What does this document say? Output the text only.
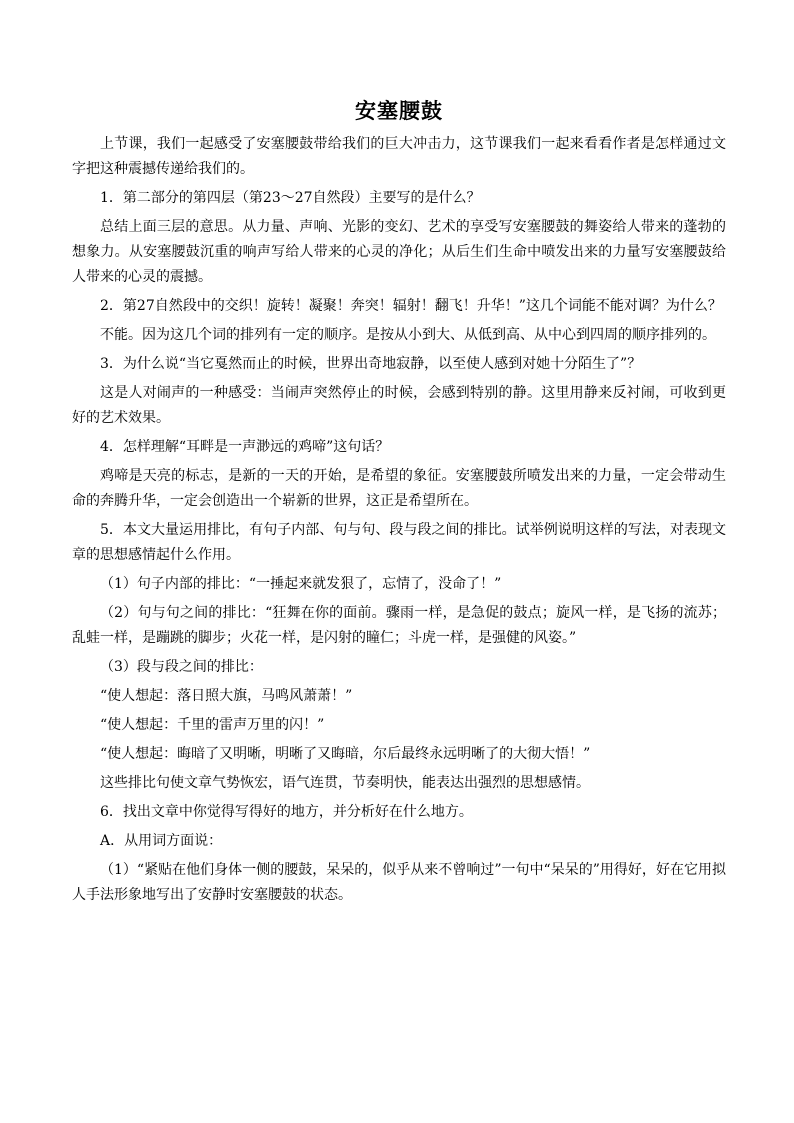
安塞腰鼓

上节课，我们一起感受了安塞腰鼓带给我们的巨大冲击力，这节课我们一起来看看作者是怎样通过文字把这种震撼传递给我们的。

1．第二部分的第四层（第23～27自然段）主要写的是什么？

总结上面三层的意思。从力量、声响、光影的变幻、艺术的享受写安塞腰鼓的舞姿给人带来的蓬勃的想象力。从安塞腰鼓沉重的响声写给人带来的心灵的净化；从后生们生命中喷发出来的力量写安塞腰鼓给人带来的心灵的震撼。

2．第27自然段中的交织！旋转！凝聚！奔突！辐射！翻飞！升华！”这几个词能不能对调？为什么？

不能。因为这几个词的排列有一定的顺序。是按从小到大、从低到高、从中心到四周的顺序排列的。

3．为什么说“当它戛然而止的时候，世界出奇地寂静，以至使人感到对她十分陌生了”？

这是人对闹声的一种感受：当闹声突然停止的时候，会感到特别的静。这里用静来反衬闹，可收到更好的艺术效果。

4．怎样理解“耳畔是一声渺远的鸡啼”这句话？

鸡啼是天亮的标志，是新的一天的开始，是希望的象征。安塞腰鼓所喷发出来的力量，一定会带动生命的奔腾升华，一定会创造出一个崭新的世界，这正是希望所在。

5．本文大量运用排比，有句子内部、句与句、段与段之间的排比。试举例说明这样的写法，对表现文章的思想感情起什么作用。

（1）句子内部的排比：“一捶起来就发狠了，忘情了，没命了！”

（2）句与句之间的排比：“狂舞在你的面前。骤雨一样，是急促的鼓点；旋风一样，是飞扬的流苏；乱蛙一样，是蹦跳的脚步；火花一样，是闪射的瞳仁；斗虎一样，是强健的风姿。”

（3）段与段之间的排比：

“使人想起：落日照大旗，马鸣风萧萧！”

“使人想起：千里的雷声万里的闪！”

“使人想起：晦暗了又明晰，明晰了又晦暗，尔后最终永远明晰了的大彻大悟！”

这些排比句使文章气势恢宏，语气连贯，节奏明快，能表达出强烈的思想感情。

6．找出文章中你觉得写得好的地方，并分析好在什么地方。

A．从用词方面说：

（1）“紧贴在他们身体一侧的腰鼓，呆呆的，似乎从来不曾响过”一句中“呆呆的”用得好，好在它用拟人手法形象地写出了安静时安塞腰鼓的状态。
